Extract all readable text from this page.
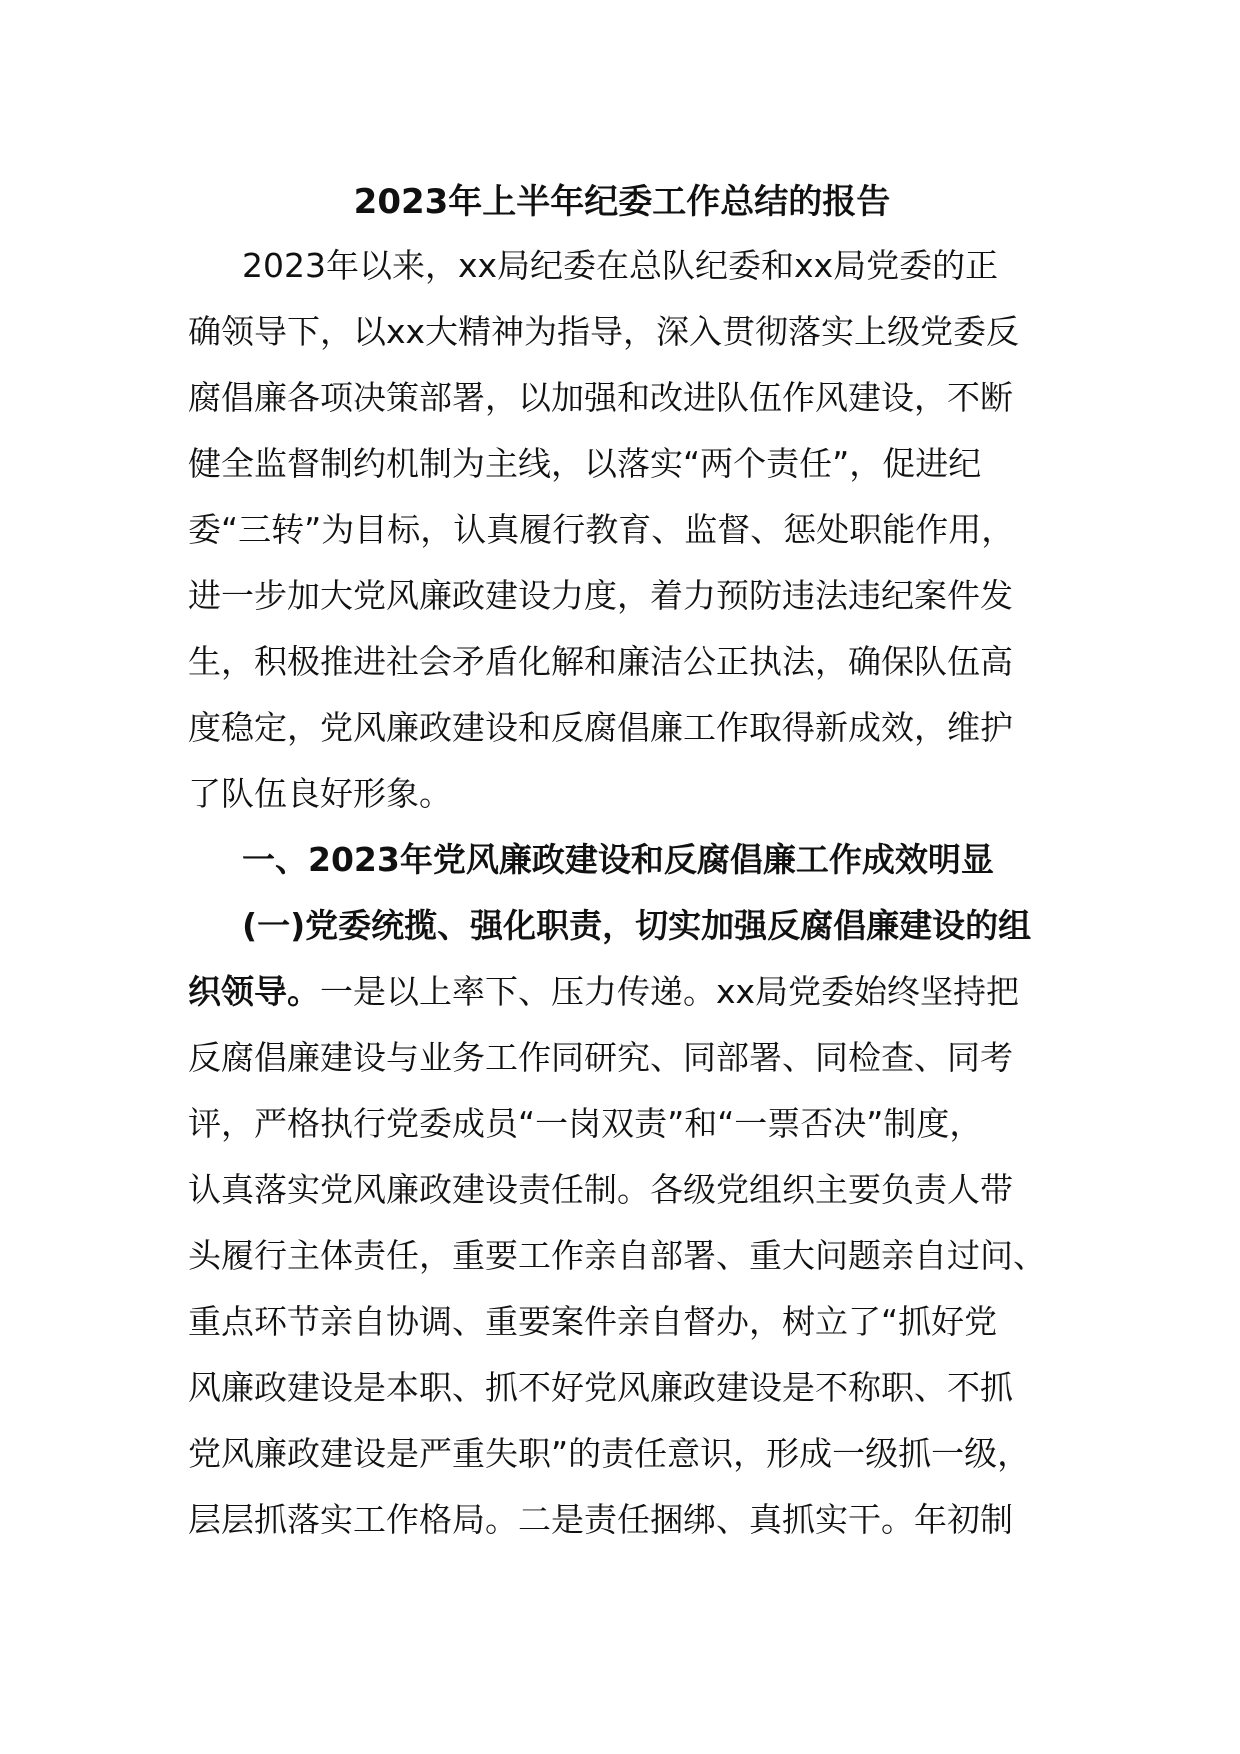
2023年上半年纪委工作总结的报告
2023年以来，xx局纪委在总队纪委和xx局党委的正
确领导下，以xx大精神为指导，深入贯彻落实上级党委反
腐倡廉各项决策部署，以加强和改进队伍作风建设，不断
健全监督制约机制为主线，以落实“两个责任”，促进纪
委“三转”为目标，认真履行教育、监督、惩处职能作用，
进一步加大党风廉政建设力度，着力预防违法违纪案件发
生，积极推进社会矛盾化解和廉洁公正执法，确保队伍高
度稳定，党风廉政建设和反腐倡廉工作取得新成效，维护
了队伍良好形象。
一、2023年党风廉政建设和反腐倡廉工作成效明显
(一)党委统揽、强化职责，切实加强反腐倡廉建设的组
织领导。一是以上率下、压力传递。xx局党委始终坚持把
反腐倡廉建设与业务工作同研究、同部署、同检查、同考
评，严格执行党委成员“一岗双责”和“一票否决”制度，
认真落实党风廉政建设责任制。各级党组织主要负责人带
头履行主体责任，重要工作亲自部署、重大问题亲自过问、
重点环节亲自协调、重要案件亲自督办，树立了“抓好党
风廉政建设是本职、抓不好党风廉政建设是不称职、不抓
党风廉政建设是严重失职”的责任意识，形成一级抓一级，
层层抓落实工作格局。二是责任捆绑、真抓实干。年初制
